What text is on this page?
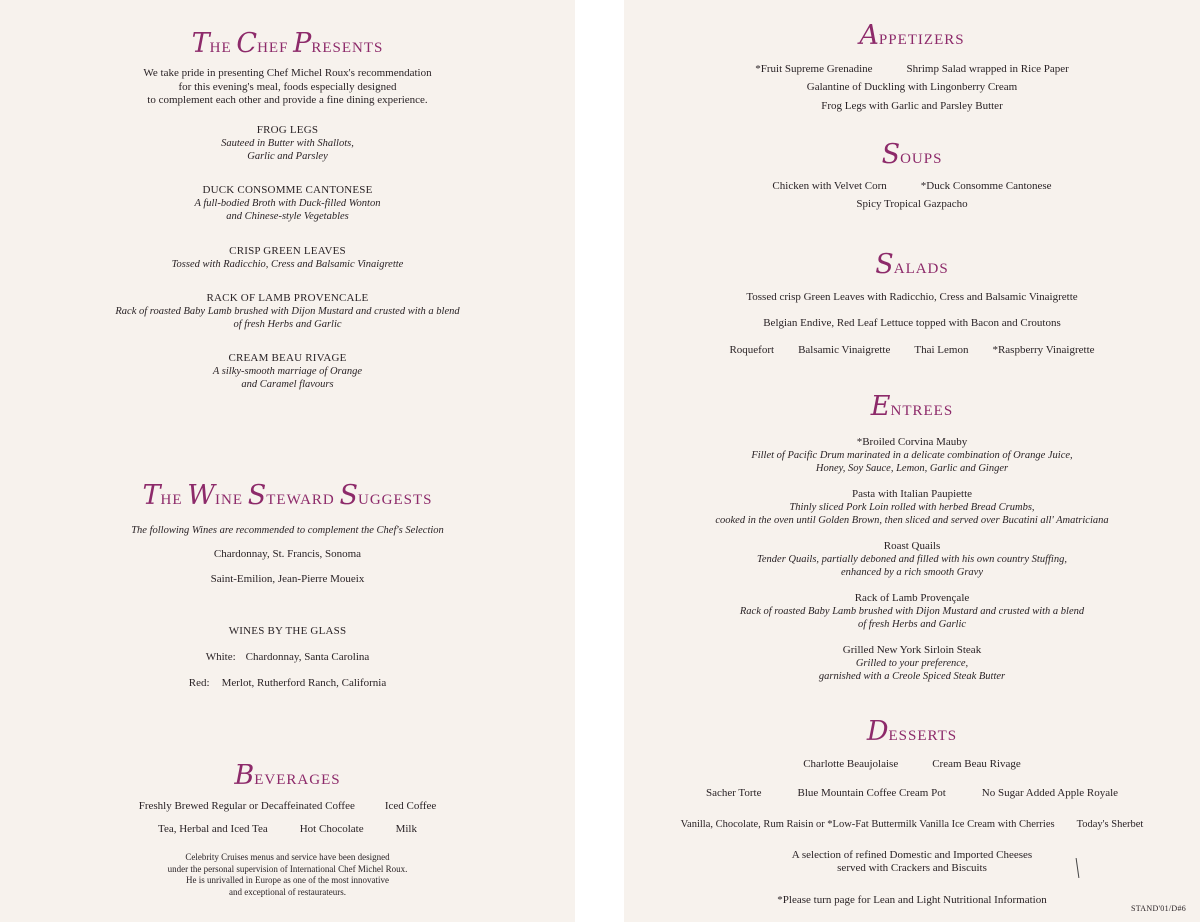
THE CHEF PRESENTS
We take pride in presenting Chef Michel Roux's recommendation
for this evening's meal, foods especially designed
to complement each other and provide a fine dining experience.
FROG LEGS
Sauteed in Butter with Shallots,
Garlic and Parsley
DUCK CONSOMME CANTONESE
A full-bodied Broth with Duck-filled Wonton
and Chinese-style Vegetables
CRISP GREEN LEAVES
Tossed with Radicchio, Cress and Balsamic Vinaigrette
RACK OF LAMB PROVENCALE
Rack of roasted Baby Lamb brushed with Dijon Mustard and crusted with a blend
of fresh Herbs and Garlic
CREAM BEAU RIVAGE
A silky-smooth marriage of Orange
and Caramel flavours
THE WINE STEWARD SUGGESTS
The following Wines are recommended to complement the Chef's Selection
Chardonnay, St. Francis, Sonoma
Saint-Emilion, Jean-Pierre Moueix
WINES BY THE GLASS
White: Chardonnay, Santa Carolina
Red: Merlot, Rutherford Ranch, California
BEVERAGES
Freshly Brewed Regular or Decaffeinated Coffee	Iced Coffee
Tea, Herbal and Iced Tea	Hot Chocolate	Milk
Celebrity Cruises menus and service have been designed
under the personal supervision of International Chef Michel Roux.
He is unrivalled in Europe as one of the most innovative
and exceptional of restaurateurs.
APPETIZERS
*Fruit Supreme Grenadine	Shrimp Salad wrapped in Rice Paper
Galantine of Duckling with Lingonberry Cream
Frog Legs with Garlic and Parsley Butter
SOUPS
Chicken with Velvet Corn	*Duck Consomme Cantonese
Spicy Tropical Gazpacho
SALADS
Tossed crisp Green Leaves with Radicchio, Cress and Balsamic Vinaigrette
Belgian Endive, Red Leaf Lettuce topped with Bacon and Croutons
Roquefort Balsamic Vinaigrette Thai Lemon *Raspberry Vinaigrette
ENTREES
*Broiled Corvina Mauby
Fillet of Pacific Drum marinated in a delicate combination of Orange Juice,
Honey, Soy Sauce, Lemon, Garlic and Ginger
Pasta with Italian Paupiette
Thinly sliced Pork Loin rolled with herbed Bread Crumbs,
cooked in the oven until Golden Brown, then sliced and served over Bucatini all' Amatriciana
Roast Quails
Tender Quails, partially deboned and filled with his own country Stuffing,
enhanced by a rich smooth Gravy
Rack of Lamb Provençale
Rack of roasted Baby Lamb brushed with Dijon Mustard and crusted with a blend
of fresh Herbs and Garlic
Grilled New York Sirloin Steak
Grilled to your preference,
garnished with a Creole Spiced Steak Butter
DESSERTS
Charlotte Beaujolaise	Cream Beau Rivage
Sacher Torte	Blue Mountain Coffee Cream Pot	No Sugar Added Apple Royale
Vanilla, Chocolate, Rum Raisin or *Low-Fat Buttermilk Vanilla Ice Cream with Cherries Today's Sherbet
A selection of refined Domestic and Imported Cheeses
served with Crackers and Biscuits
*Please turn page for Lean and Light Nutritional Information
STAND'01/D#6
